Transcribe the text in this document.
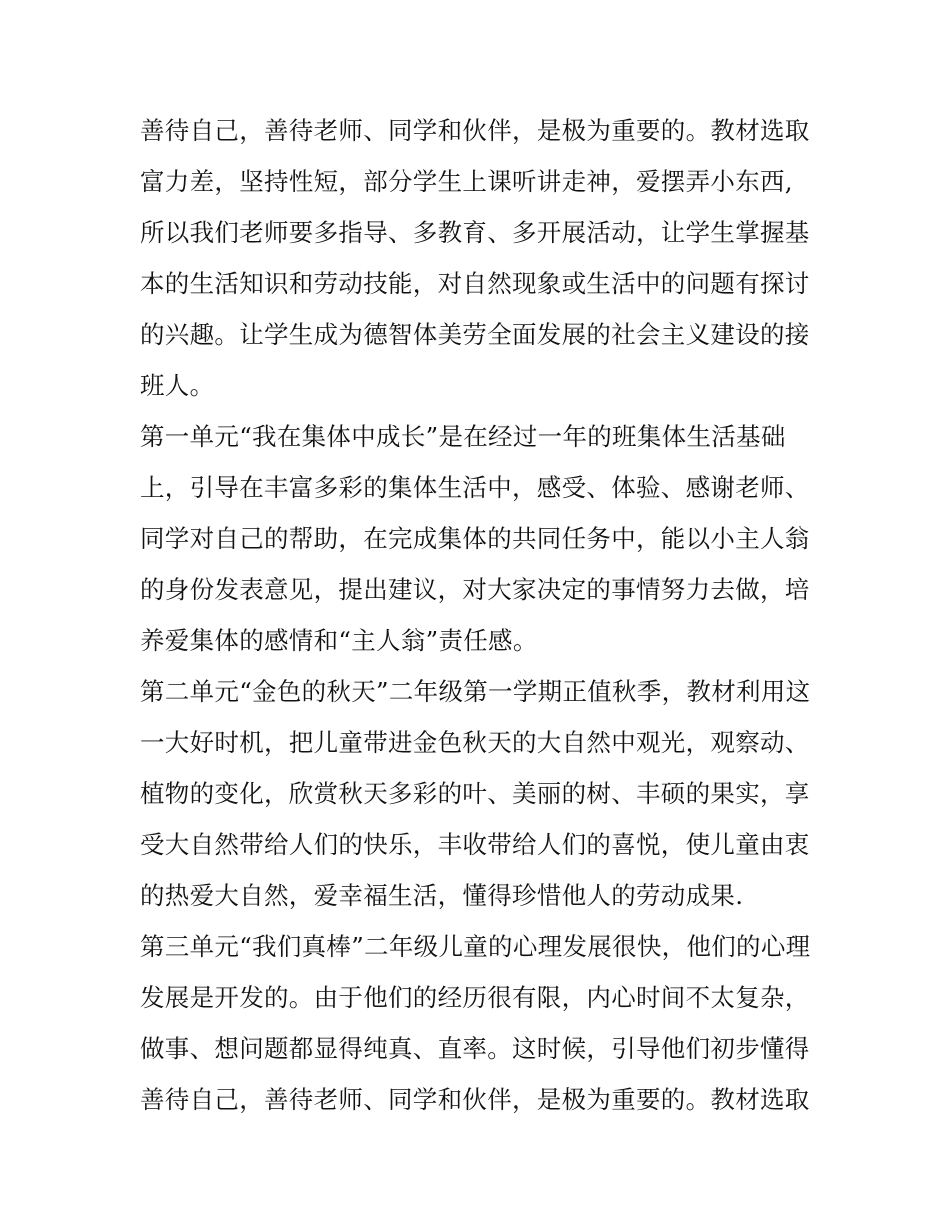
善待自己，善待老师、同学和伙伴，是极为重要的。教材选取
富力差，坚持性短，部分学生上课听讲走神，爱摆弄小东西,
所以我们老师要多指导、多教育、多开展活动，让学生掌握基
本的生活知识和劳动技能，对自然现象或生活中的问题有探讨
的兴趣。让学生成为德智体美劳全面发展的社会主义建设的接
班人。
第一单元“我在集体中成长”是在经过一年的班集体生活基础
上，引导在丰富多彩的集体生活中，感受、体验、感谢老师、
同学对自己的帮助，在完成集体的共同任务中，能以小主人翁
的身份发表意见，提出建议，对大家决定的事情努力去做，培
养爱集体的感情和“主人翁”责任感。
第二单元“金色的秋天”二年级第一学期正值秋季，教材利用这
一大好时机，把儿童带进金色秋天的大自然中观光，观察动、
植物的变化，欣赏秋天多彩的叶、美丽的树、丰硕的果实，享
受大自然带给人们的快乐，丰收带给人们的喜悦，使儿童由衷
的热爱大自然，爱幸福生活，懂得珍惜他人的劳动成果.
第三单元“我们真棒”二年级儿童的心理发展很快，他们的心理
发展是开发的。由于他们的经历很有限，内心时间不太复杂，
做事、想问题都显得纯真、直率。这时候，引导他们初步懂得
善待自己，善待老师、同学和伙伴，是极为重要的。教材选取
